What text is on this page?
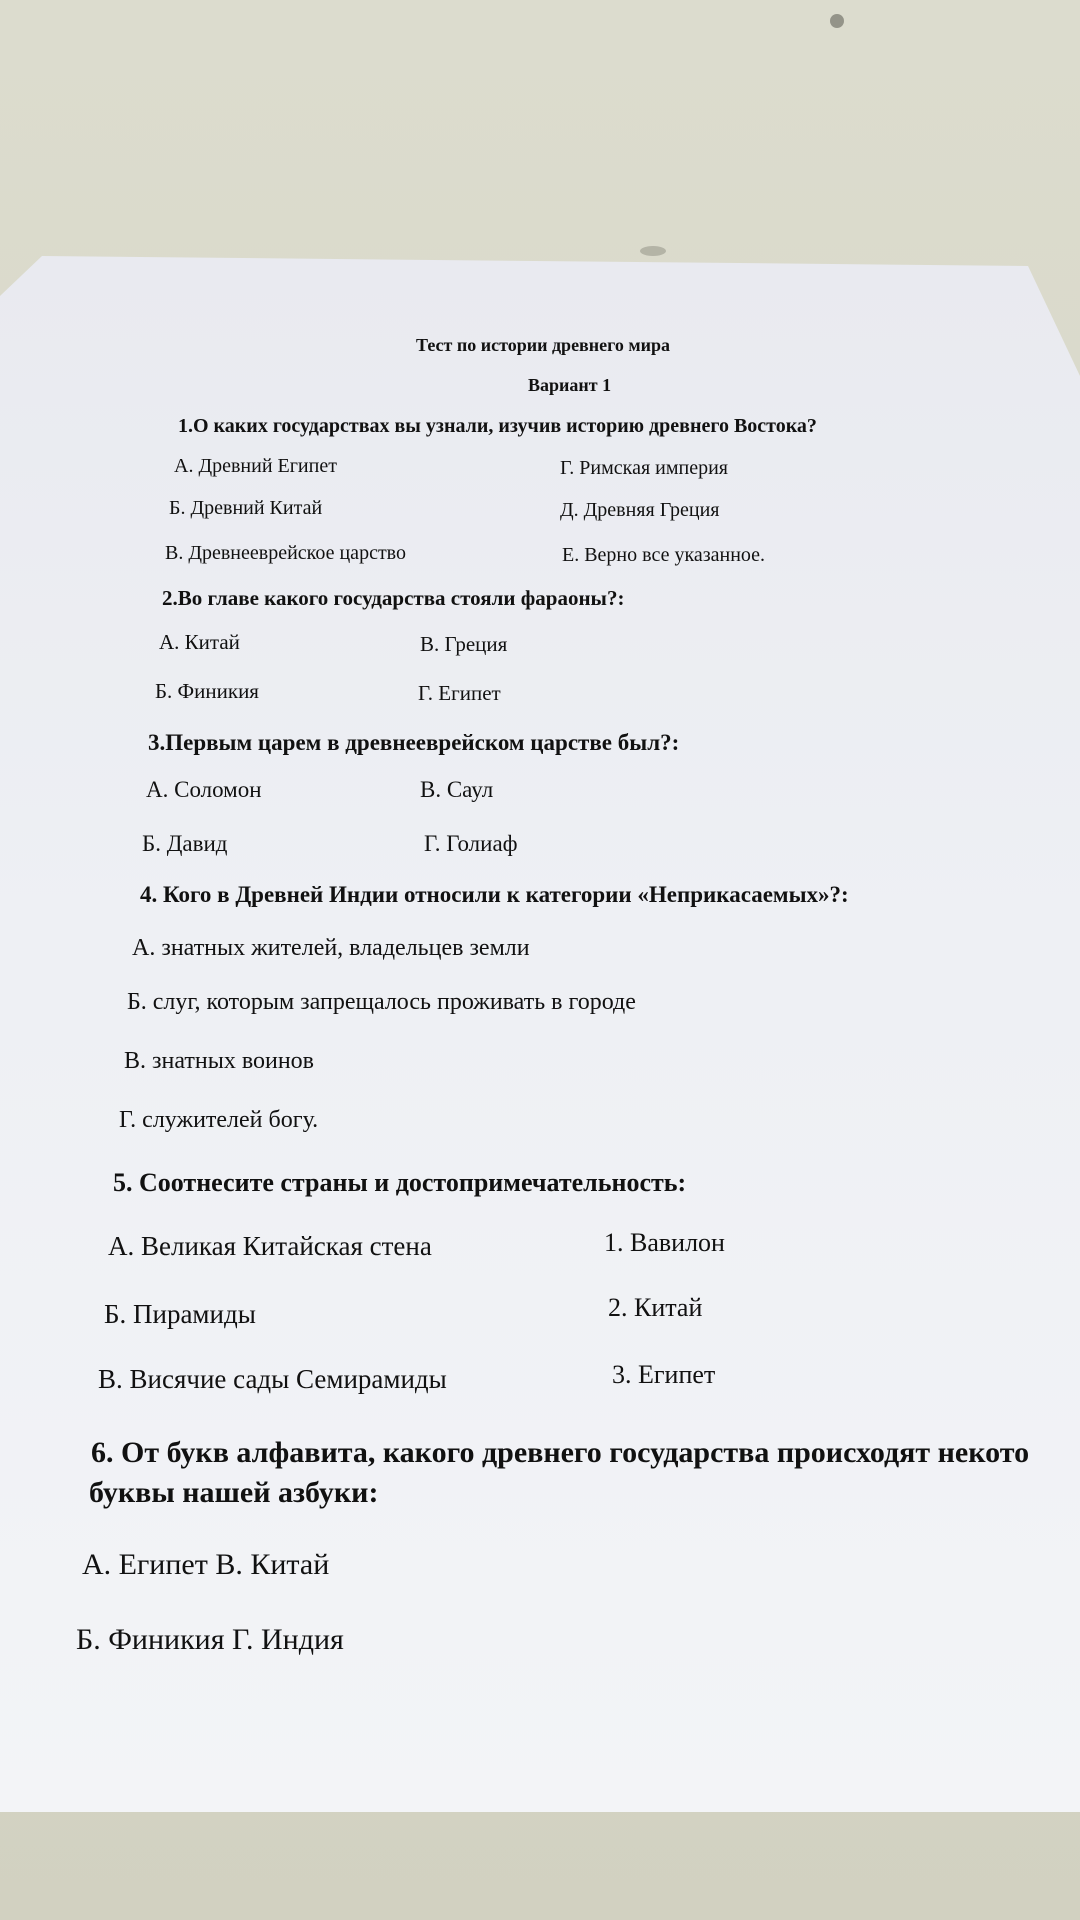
Тест по истории древнего мира
Вариант 1
1.О каких государствах вы узнали, изучив историю древнего Востока?
А. Древний Египет
Б. Древний Китай
В. Древнееврейское царство
Г. Римская империя
Д. Древняя Греция
Е. Верно все указанное.
2.Во главе какого государства стояли фараоны?:
А. Китай
Б. Финикия
В. Греция
Г. Египет
3.Первым царем в древнееврейском царстве был?:
А. Соломон
Б. Давид
В. Саул
Г. Голиаф
4. Кого в Древней Индии относили к категории «Неприкасаемых»?:
А. знатных жителей, владельцев земли
Б. слуг, которым запрещалось проживать в городе
В. знатных воинов
Г. служителей богу.
5. Соотнесите страны и достопримечательность:
А. Великая Китайская стена
Б. Пирамиды
В. Висячие сады Семирамиды
1. Вавилон
2. Китай
3. Египет
6. От букв алфавита, какого древнего государства происходят некото
буквы нашей азбуки:
А. Египет В. Китай
Б. Финикия Г. Индия
